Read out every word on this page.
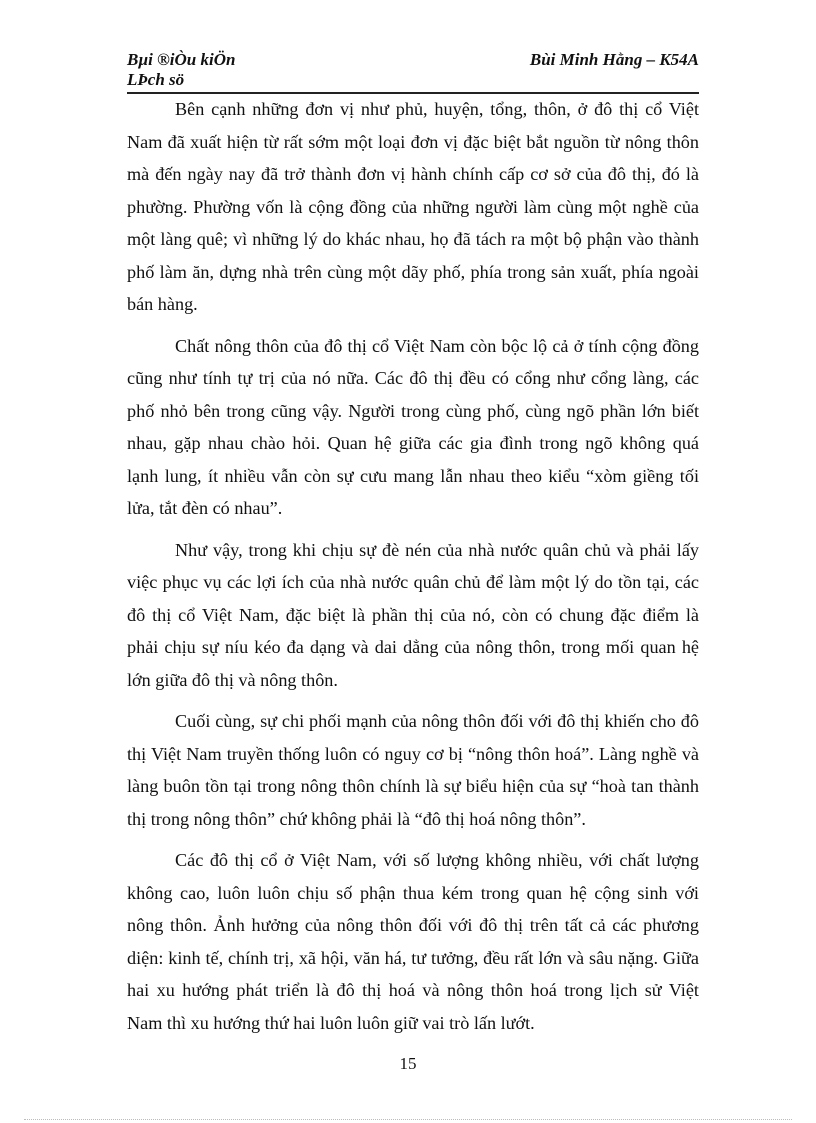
Bµi ®iÒu kiÖn
LÞch sö
Bùi Minh Hằng – K54A
Bên cạnh những đơn vị như phủ, huyện, tổng, thôn, ở đô thị cổ Việt
Nam đã xuất hiện từ rất sớm một loại đơn vị đặc biệt bắt nguồn từ nông thôn
mà đến ngày nay đã trở thành đơn vị hành chính cấp cơ sở của đô thị, đó là
phường. Phường vốn là cộng đồng của những người làm cùng một nghề của
một làng quê; vì những lý do khác nhau, họ đã tách ra một bộ phận vào thành
phố làm ăn, dựng nhà trên cùng một dãy phố, phía trong sản xuất, phía ngoài
bán hàng.
Chất nông thôn của đô thị cổ Việt Nam còn bộc lộ cả ở tính cộng đồng
cũng như tính tự trị của nó nữa. Các đô thị đều có cổng như cổng làng, các
phố nhỏ bên trong cũng vậy. Người trong cùng phố, cùng ngõ phần lớn biết
nhau, gặp nhau chào hỏi. Quan hệ giữa các gia đình trong ngõ không quá
lạnh lung, ít nhiều vẫn còn sự cưu mang lẫn nhau theo kiểu “xòm giềng tối
lửa, tắt đèn có nhau”.
Như vậy, trong khi chịu sự đè nén của nhà nước quân chủ và phải lấy
việc phục vụ các lợi ích của nhà nước quân chủ để làm một lý do tồn tại, các
đô thị cổ Việt Nam, đặc biệt là phần thị của nó, còn có chung đặc điểm là
phải chịu sự níu kéo đa dạng và dai dẳng của nông thôn, trong mối quan hệ
lớn giữa đô thị và nông thôn.
Cuối cùng, sự chi phối mạnh của nông thôn đối với đô thị khiến cho đô
thị Việt Nam truyền thống luôn có nguy cơ bị “nông thôn hoá”. Làng nghề và
làng buôn tồn tại trong nông thôn chính là sự biểu hiện của sự “hoà tan thành
thị trong nông thôn” chứ không phải là “đô thị hoá nông thôn”.
Các đô thị cổ ở Việt Nam, với số lượng không nhiều, với chất lượng
không cao, luôn luôn chịu số phận thua kém trong quan hệ cộng sinh với
nông thôn. Ảnh hưởng của nông thôn đối với đô thị trên tất cả các phương
diện: kinh tế, chính trị, xã hội, văn há, tư tưởng, đều rất lớn và sâu nặng. Giữa
hai xu hướng phát triển là đô thị hoá và nông thôn hoá trong lịch sử Việt
Nam thì xu hướng thứ hai luôn luôn giữ vai trò lấn lướt.
15
